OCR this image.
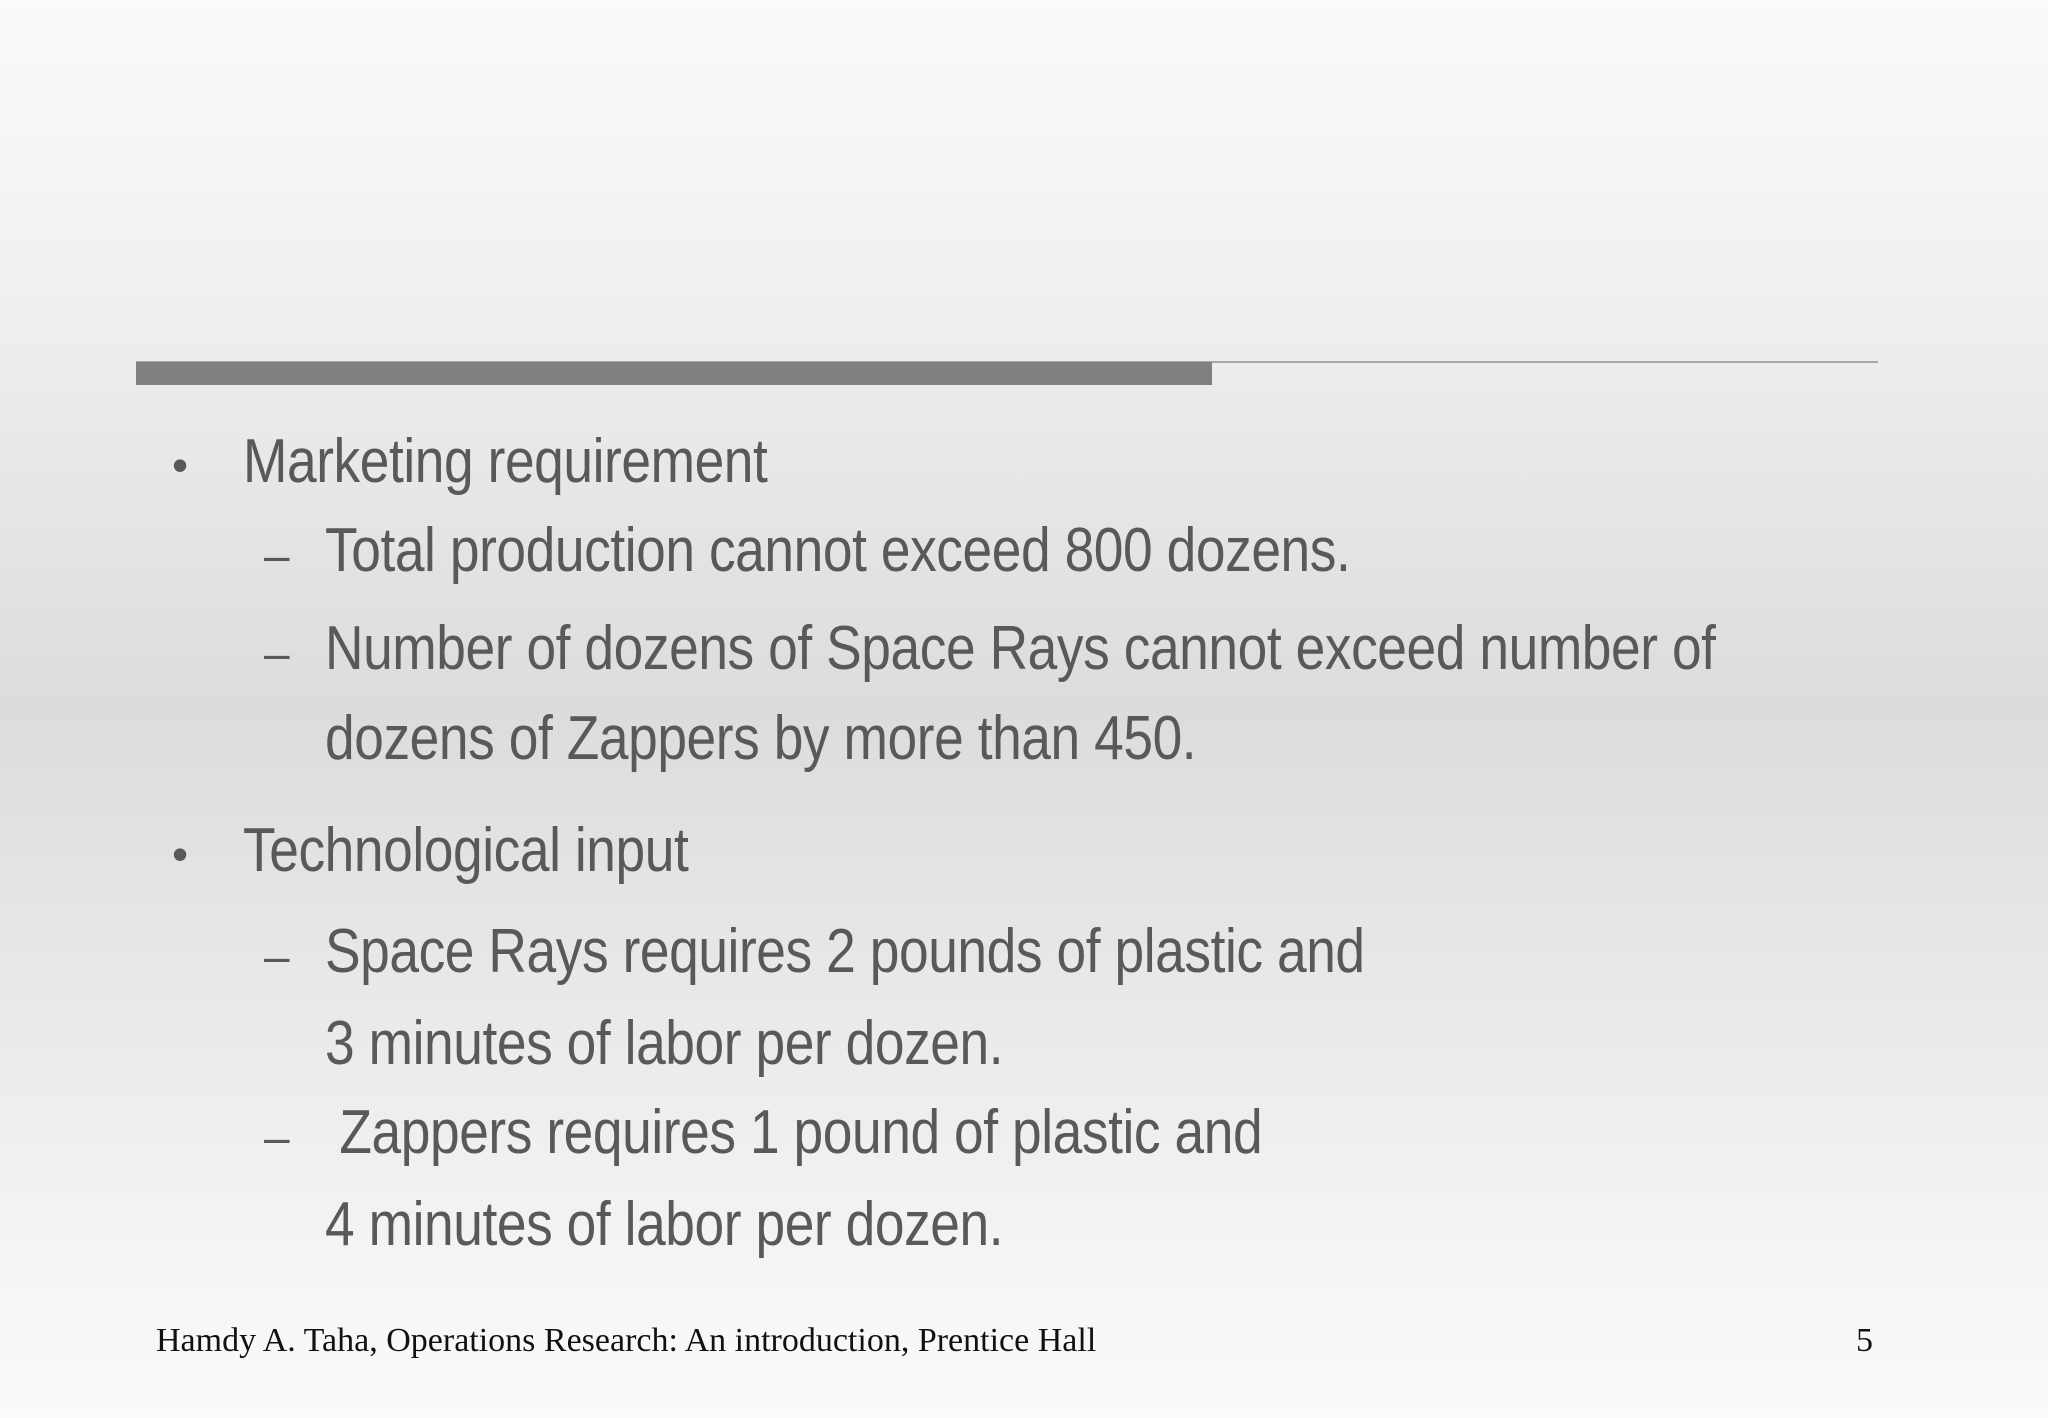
• Marketing requirement
– Total production cannot exceed 800 dozens.
– Number of dozens of Space Rays cannot exceed number of
dozens of Zappers by more than 450.
• Technological input
– Space Rays requires 2 pounds of plastic and
3 minutes of labor per dozen.
– Zappers requires 1 pound of plastic and
4 minutes of labor per dozen.
Hamdy A. Taha, Operations Research: An introduction, Prentice Hall	5
